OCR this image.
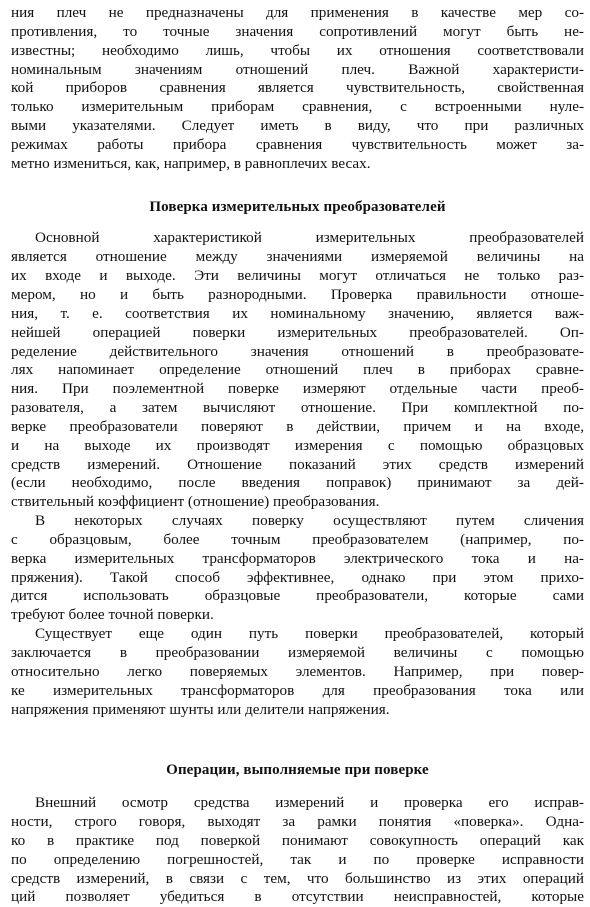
ния плеч не предназначены для применения в качестве мер со-
противления, то точные значения сопротивлений могут быть не-
известны; необходимо лишь, чтобы их отношения соответствовали
номинальным значениям отношений плеч. Важной характеристи-
кой приборов сравнения является чувствительность, свойственная
только измерительным приборам сравнения, с встроенными нуле-
выми указателями. Следует иметь в виду, что при различных
режимах работы прибора сравнения чувствительность может за-
метно измениться, как, например, в равноплечих весах.
Поверка измерительных преобразователей
Основной характеристикой измерительных преобразователей
является отношение между значениями измеряемой величины на
их входе и выходе. Эти величины могут отличаться не только раз-
мером, но и быть разнородными. Проверка правильности отноше-
ния, т. е. соответствия их номинальному значению, является важ-
нейшей операцией поверки измерительных преобразователей. Оп-
ределение действительного значения отношений в преобразовате-
лях напоминает определение отношений плеч в приборах сравне-
ния. При поэлементной поверке измеряют отдельные части преоб-
разователя, а затем вычисляют отношение. При комплектной по-
верке преобразователи поверяют в действии, причем и на входе,
и на выходе их производят измерения с помощью образцовых
средств измерений. Отношение показаний этих средств измерений
(если необходимо, после введения поправок) принимают за дей-
ствительный коэффициент (отношение) преобразования.
В некоторых случаях поверку осуществляют путем сличения
с образцовым, более точным преобразователем (например, по-
верка измерительных трансформаторов электрического тока и на-
пряжения). Такой способ эффективнее, однако при этом прихо-
дится использовать образцовые преобразователи, которые сами
требуют более точной поверки.
Существует еще один путь поверки преобразователей, который
заключается в преобразовании измеряемой величины с помощью
относительно легко поверяемых элементов. Например, при повер-
ке измерительных трансформаторов для преобразования тока или
напряжения применяют шунты или делители напряжения.
Операции, выполняемые при поверке
Внешний осмотр средства измерений и проверка его исправ-
ности, строго говоря, выходят за рамки понятия «поверка». Одна-
ко в практике под поверкой понимают совокупность операций как
по определению погрешностей, так и по проверке исправности
средств измерений, в связи с тем, что большинство из этих операций
ций позволяет убедиться в отсутствии неисправностей, которые
